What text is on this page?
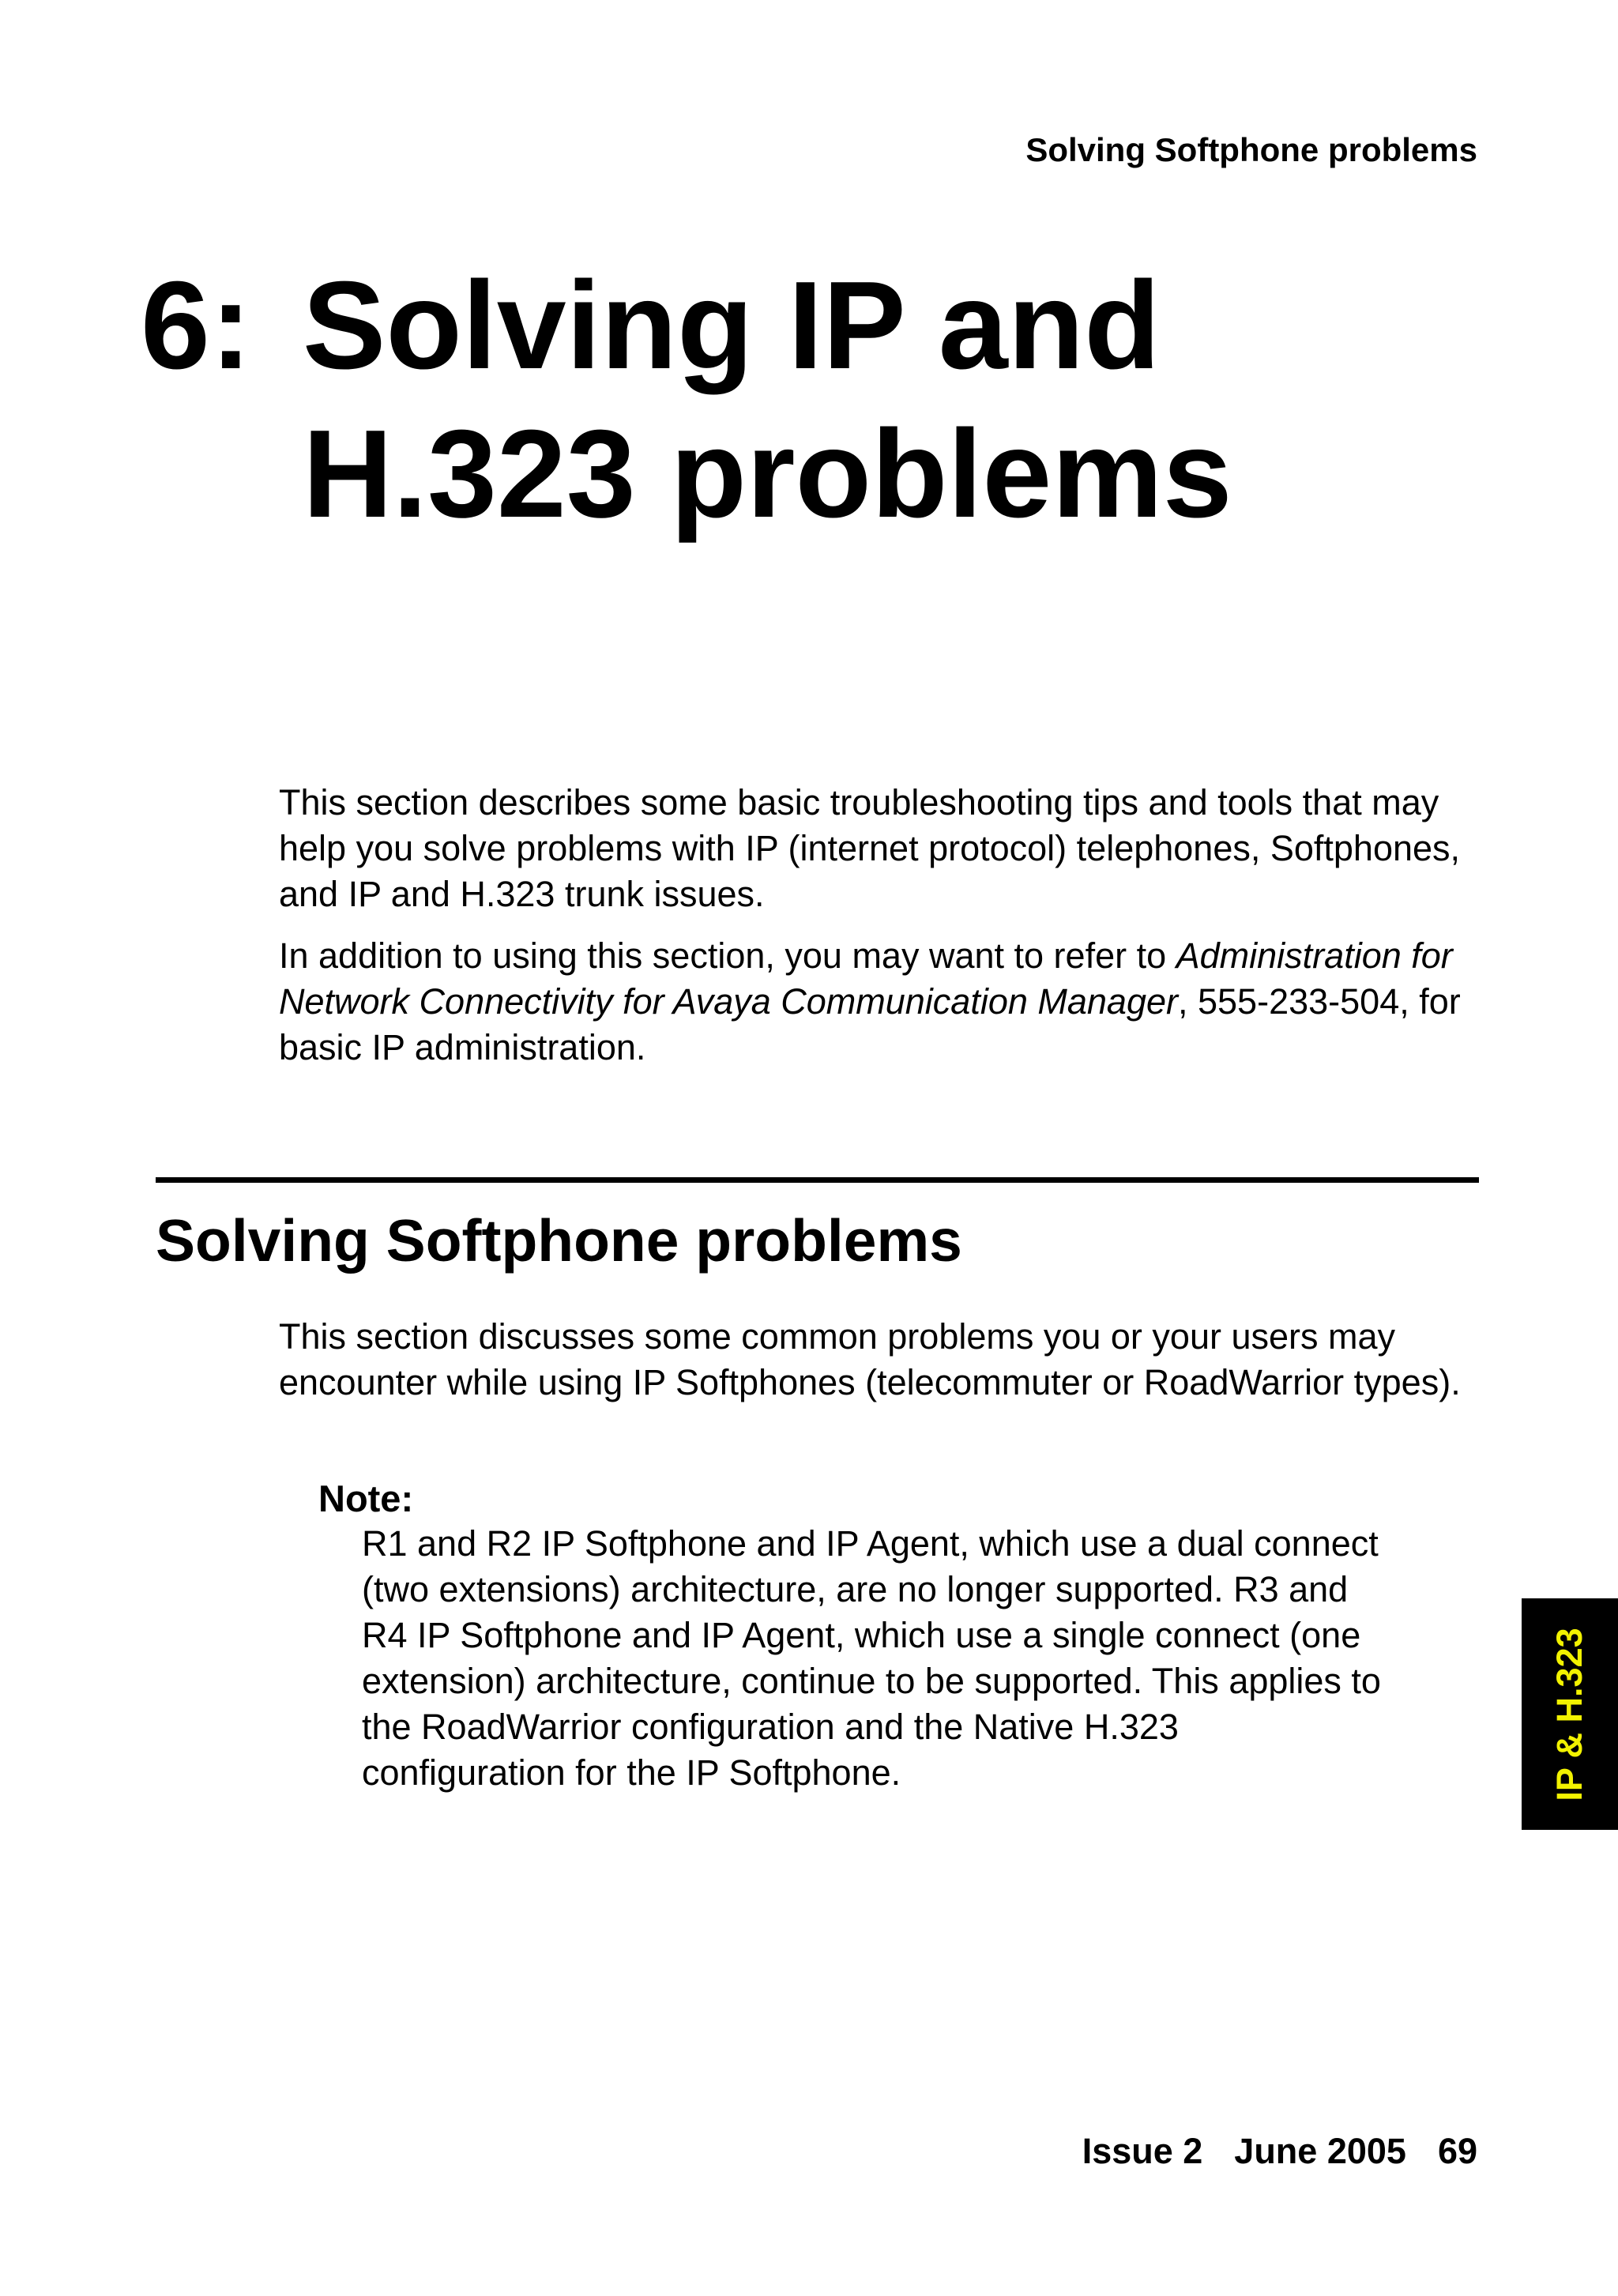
Solving Softphone problems
6: Solving IP and
H.323 problems

This section describes some basic troubleshooting tips and tools that may help you solve problems with IP (internet protocol) telephones, Softphones, and IP and H.323 trunk issues.

In addition to using this section, you may want to refer to Administration for Network Connectivity for Avaya Communication Manager, 555-233-504, for basic IP administration.

Solving Softphone problems

This section discusses some common problems you or your users may encounter while using IP Softphones (telecommuter or RoadWarrior types).

Note:

R1 and R2 IP Softphone and IP Agent, which use a dual connect (two extensions) architecture, are no longer supported. R3 and R4 IP Softphone and IP Agent, which use a single connect (one extension) architecture, continue to be supported. This applies to the RoadWarrior configuration and the Native H.323 configuration for the IP Softphone.	IP & H.323
Issue 2 June 2005 69
